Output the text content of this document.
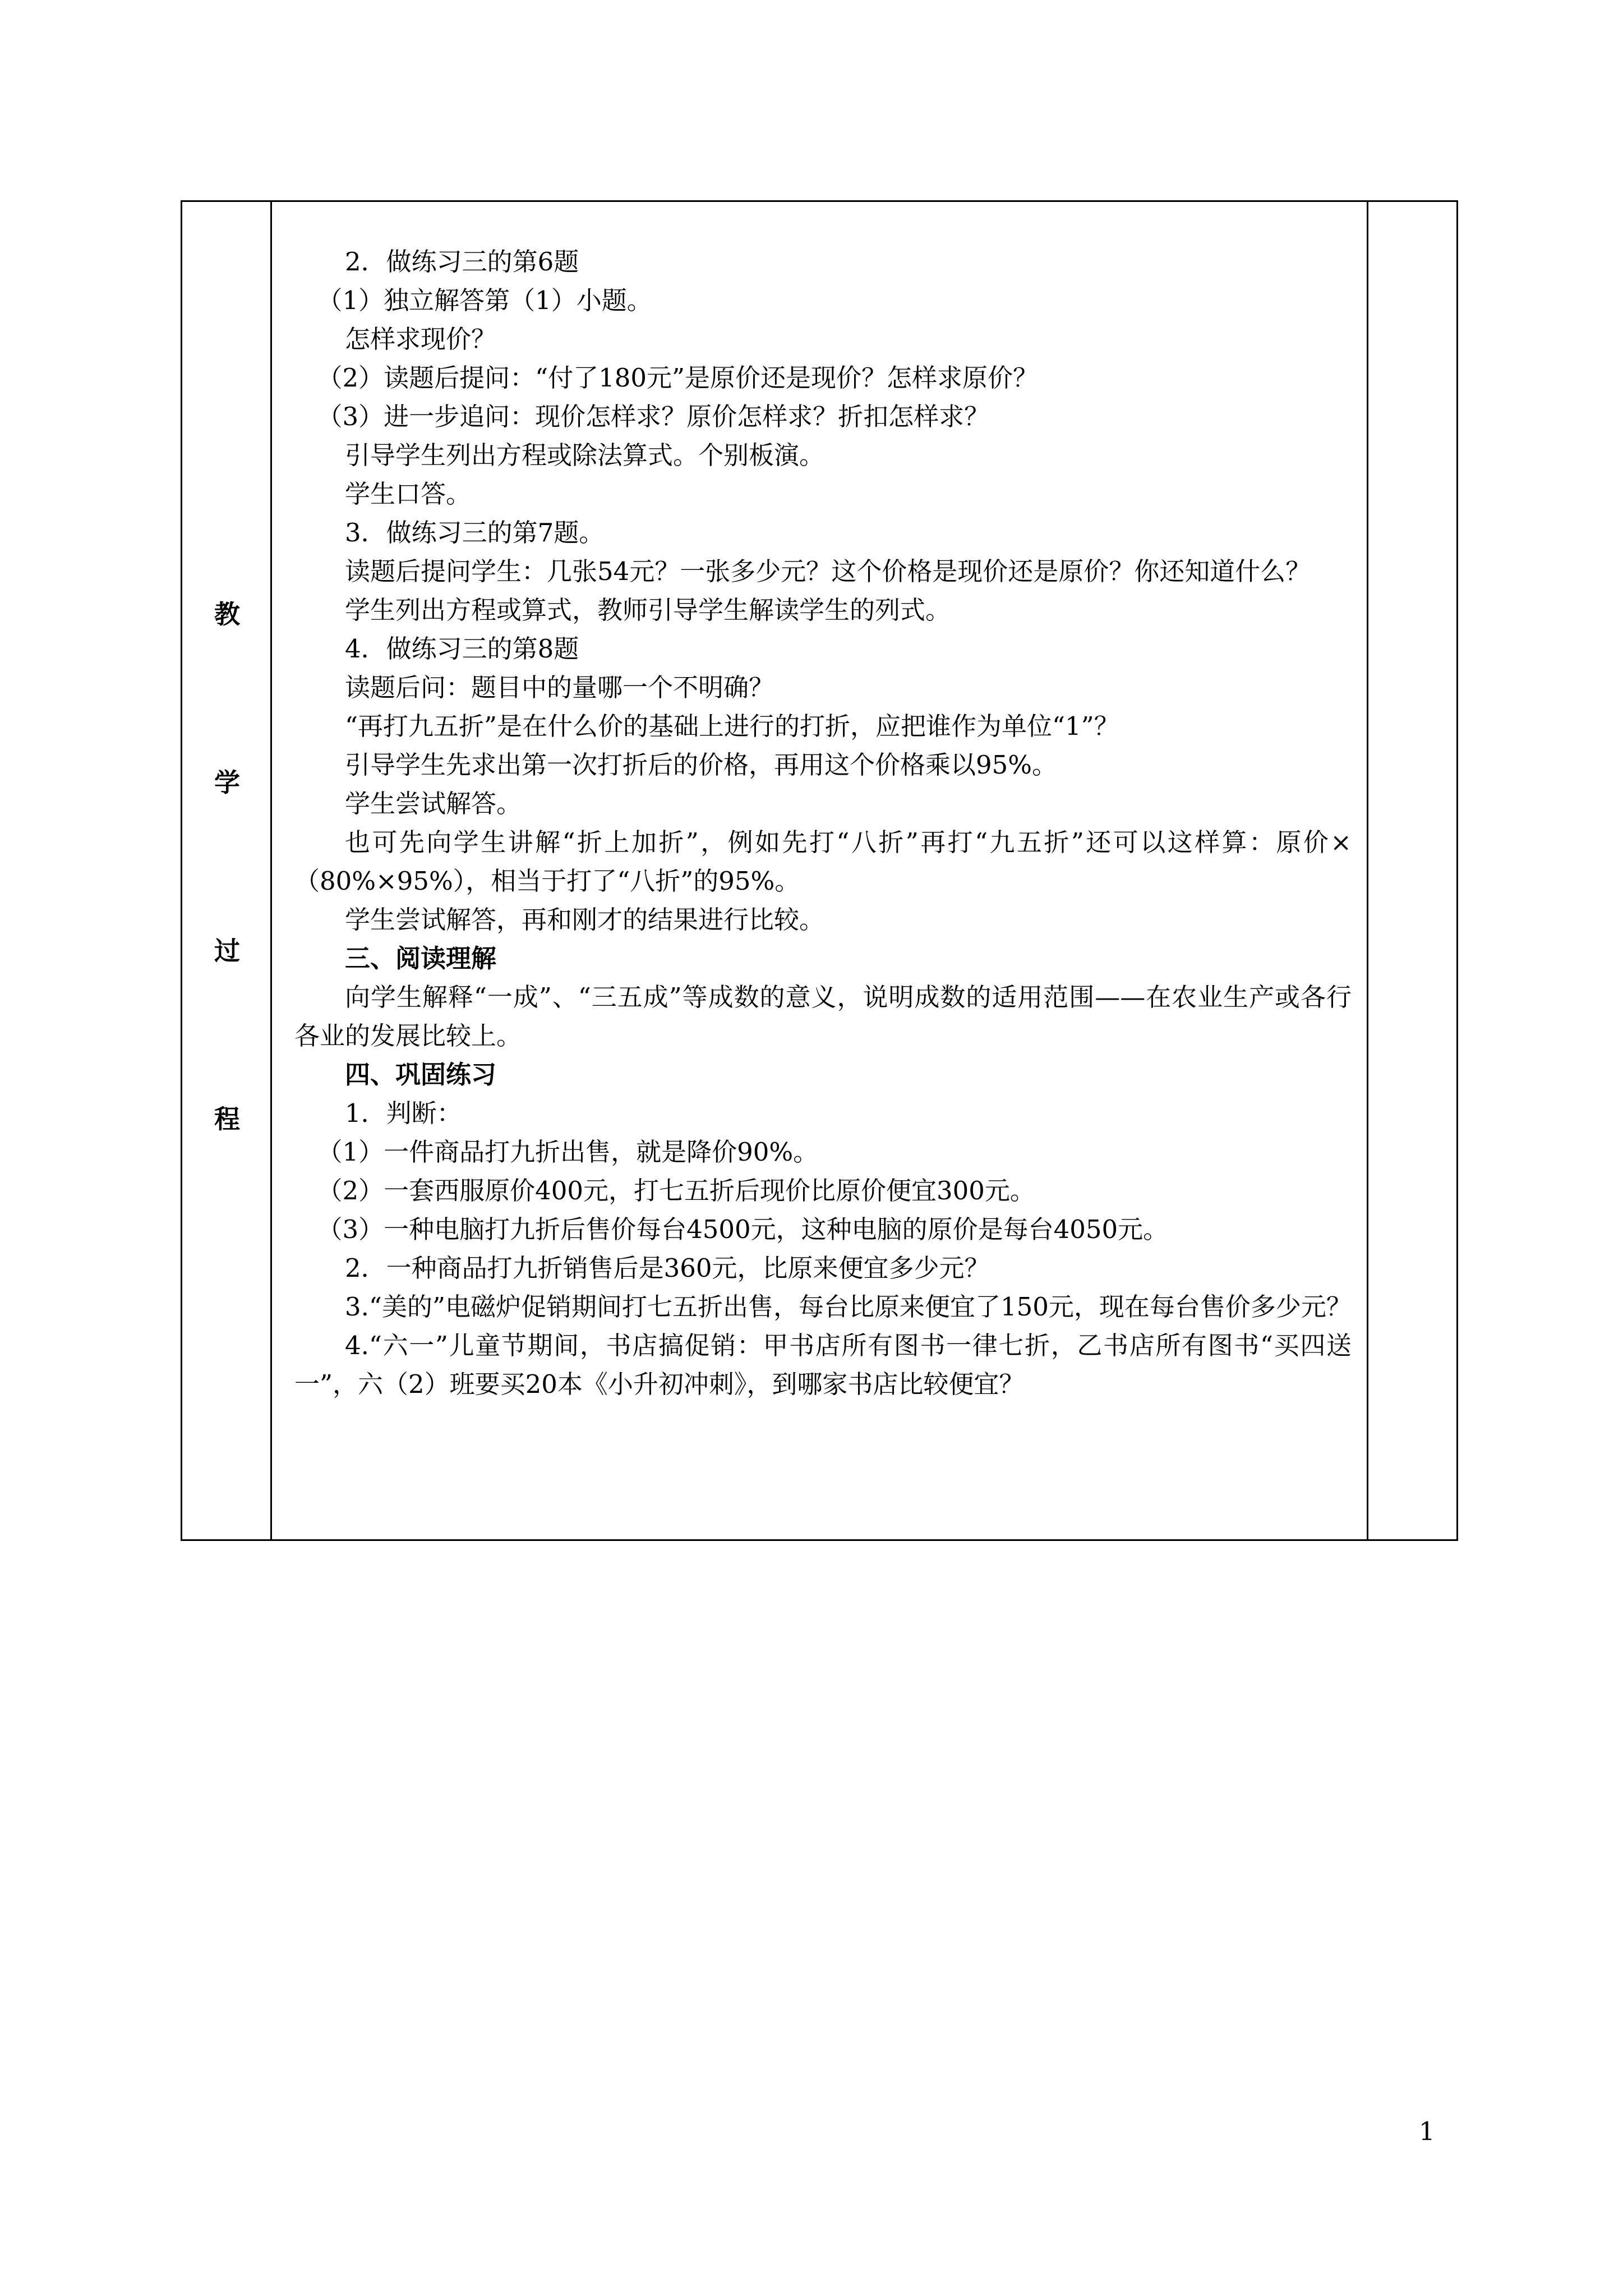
教
学
过
程
2．做练习三的第6题
（1）独立解答第（1）小题。
怎样求现价？
（2）读题后提问：“付了180元”是原价还是现价？怎样求原价？
（3）进一步追问：现价怎样求？原价怎样求？折扣怎样求？
引导学生列出方程或除法算式。个别板演。
学生口答。
3．做练习三的第7题。
读题后提问学生：几张54元？一张多少元？这个价格是现价还是原价？你还知道什么？
学生列出方程或算式，教师引导学生解读学生的列式。
4．做练习三的第8题
读题后问：题目中的量哪一个不明确？
“再打九五折”是在什么价的基础上进行的打折，应把谁作为单位“1”？
引导学生先求出第一次打折后的价格，再用这个价格乘以95%。
学生尝试解答。
也可先向学生讲解“折上加折”，例如先打“八折”再打“九五折”还可以这样算：原价×（80%×95%），相当于打了“八折”的95%。
学生尝试解答，再和刚才的结果进行比较。
三、阅读理解
向学生解释“一成”、“三五成”等成数的意义，说明成数的适用范围——在农业生产或各行各业的发展比较上。
四、巩固练习
1．判断：
（1）一件商品打九折出售，就是降价90%。
（2）一套西服原价400元，打七五折后现价比原价便宜300元。
（3）一种电脑打九折后售价每台4500元，这种电脑的原价是每台4050元。
2．一种商品打九折销售后是360元，比原来便宜多少元？
3.“美的”电磁炉促销期间打七五折出售，每台比原来便宜了150元，现在每台售价多少元？
4.“六一”儿童节期间，书店搞促销：甲书店所有图书一律七折，乙书店所有图书“买四送一”，六（2）班要买20本《小升初冲刺》，到哪家书店比较便宜？
1
